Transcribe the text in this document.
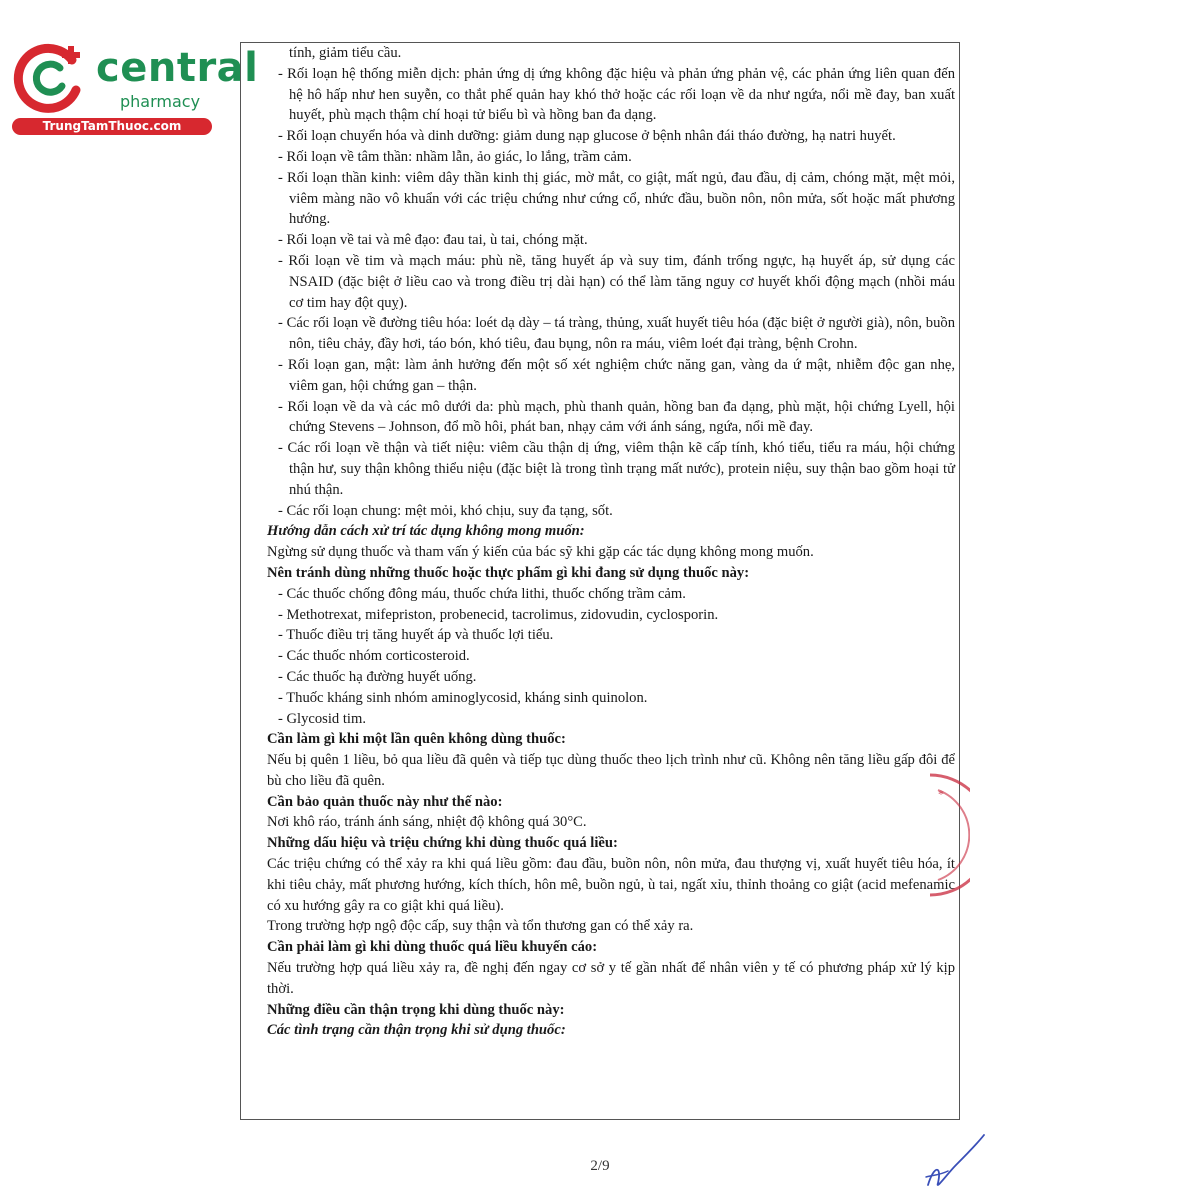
central
pharmacy
TrungTamThuoc.com

tính, giảm tiểu cầu.

- Rối loạn hệ thống miễn dịch: phản ứng dị ứng không đặc hiệu và phản ứng phản vệ, các phản ứng liên quan đến hệ hô hấp như hen suyễn, co thắt phế quản hay khó thở hoặc các rối loạn về da như ngứa, nổi mề đay, ban xuất huyết, phù mạch thậm chí hoại tử biểu bì và hồng ban đa dạng.

- Rối loạn chuyển hóa và dinh dưỡng: giảm dung nạp glucose ở bệnh nhân đái tháo đường, hạ natri huyết.

- Rối loạn về tâm thần: nhầm lẫn, ảo giác, lo lắng, trầm cảm.

- Rối loạn thần kinh: viêm dây thần kinh thị giác, mờ mắt, co giật, mất ngủ, đau đầu, dị cảm, chóng mặt, mệt mỏi, viêm màng não vô khuẩn với các triệu chứng như cứng cổ, nhức đầu, buồn nôn, nôn mửa, sốt hoặc mất phương hướng.

- Rối loạn về tai và mê đạo: đau tai, ù tai, chóng mặt.

- Rối loạn về tim và mạch máu: phù nề, tăng huyết áp và suy tim, đánh trống ngực, hạ huyết áp, sử dụng các NSAID (đặc biệt ở liều cao và trong điều trị dài hạn) có thể làm tăng nguy cơ huyết khối động mạch (nhồi máu cơ tim hay đột quỵ).

- Các rối loạn về đường tiêu hóa: loét dạ dày – tá tràng, thủng, xuất huyết tiêu hóa (đặc biệt ở người già), nôn, buồn nôn, tiêu chảy, đầy hơi, táo bón, khó tiêu, đau bụng, nôn ra máu, viêm loét đại tràng, bệnh Crohn.

- Rối loạn gan, mật: làm ảnh hưởng đến một số xét nghiệm chức năng gan, vàng da ứ mật, nhiễm độc gan nhẹ, viêm gan, hội chứng gan – thận.

- Rối loạn về da và các mô dưới da: phù mạch, phù thanh quản, hồng ban đa dạng, phù mặt, hội chứng Lyell, hội chứng Stevens – Johnson, đổ mồ hôi, phát ban, nhạy cảm với ánh sáng, ngứa, nổi mề đay.

- Các rối loạn về thận và tiết niệu: viêm cầu thận dị ứng, viêm thận kẽ cấp tính, khó tiểu, tiểu ra máu, hội chứng thận hư, suy thận không thiểu niệu (đặc biệt là trong tình trạng mất nước), protein niệu, suy thận bao gồm hoại tử nhú thận.

- Các rối loạn chung: mệt mỏi, khó chịu, suy đa tạng, sốt.

Hướng dẫn cách xử trí tác dụng không mong muốn:

Ngừng sử dụng thuốc và tham vấn ý kiến của bác sỹ khi gặp các tác dụng không mong muốn.

Nên tránh dùng những thuốc hoặc thực phẩm gì khi đang sử dụng thuốc này:

- Các thuốc chống đông máu, thuốc chứa lithi, thuốc chống trầm cảm.

- Methotrexat, mifepriston, probenecid, tacrolimus, zidovudin, cyclosporin.

- Thuốc điều trị tăng huyết áp và thuốc lợi tiểu.

- Các thuốc nhóm corticosteroid.

- Các thuốc hạ đường huyết uống.

- Thuốc kháng sinh nhóm aminoglycosid, kháng sinh quinolon.

- Glycosid tim.

Cần làm gì khi một lần quên không dùng thuốc:

Nếu bị quên 1 liều, bỏ qua liều đã quên và tiếp tục dùng thuốc theo lịch trình như cũ. Không nên tăng liều gấp đôi để bù cho liều đã quên.

Cần bảo quản thuốc này như thế nào:

Nơi khô ráo, tránh ánh sáng, nhiệt độ không quá 30°C.

Những dấu hiệu và triệu chứng khi dùng thuốc quá liều:

Các triệu chứng có thể xảy ra khi quá liều gồm: đau đầu, buồn nôn, nôn mửa, đau thượng vị, xuất huyết tiêu hóa, ít khi tiêu chảy, mất phương hướng, kích thích, hôn mê, buồn ngủ, ù tai, ngất xỉu, thỉnh thoảng co giật (acid mefenamic có xu hướng gây ra co giật khi quá liều).

Trong trường hợp ngộ độc cấp, suy thận và tổn thương gan có thể xảy ra.

Cần phải làm gì khi dùng thuốc quá liều khuyến cáo:

Nếu trường hợp quá liều xảy ra, đề nghị đến ngay cơ sở y tế gần nhất để nhân viên y tế có phương pháp xử lý kịp thời.

Những điều cần thận trọng khi dùng thuốc này:

Các tình trạng cần thận trọng khi sử dụng thuốc:

*
2/9
